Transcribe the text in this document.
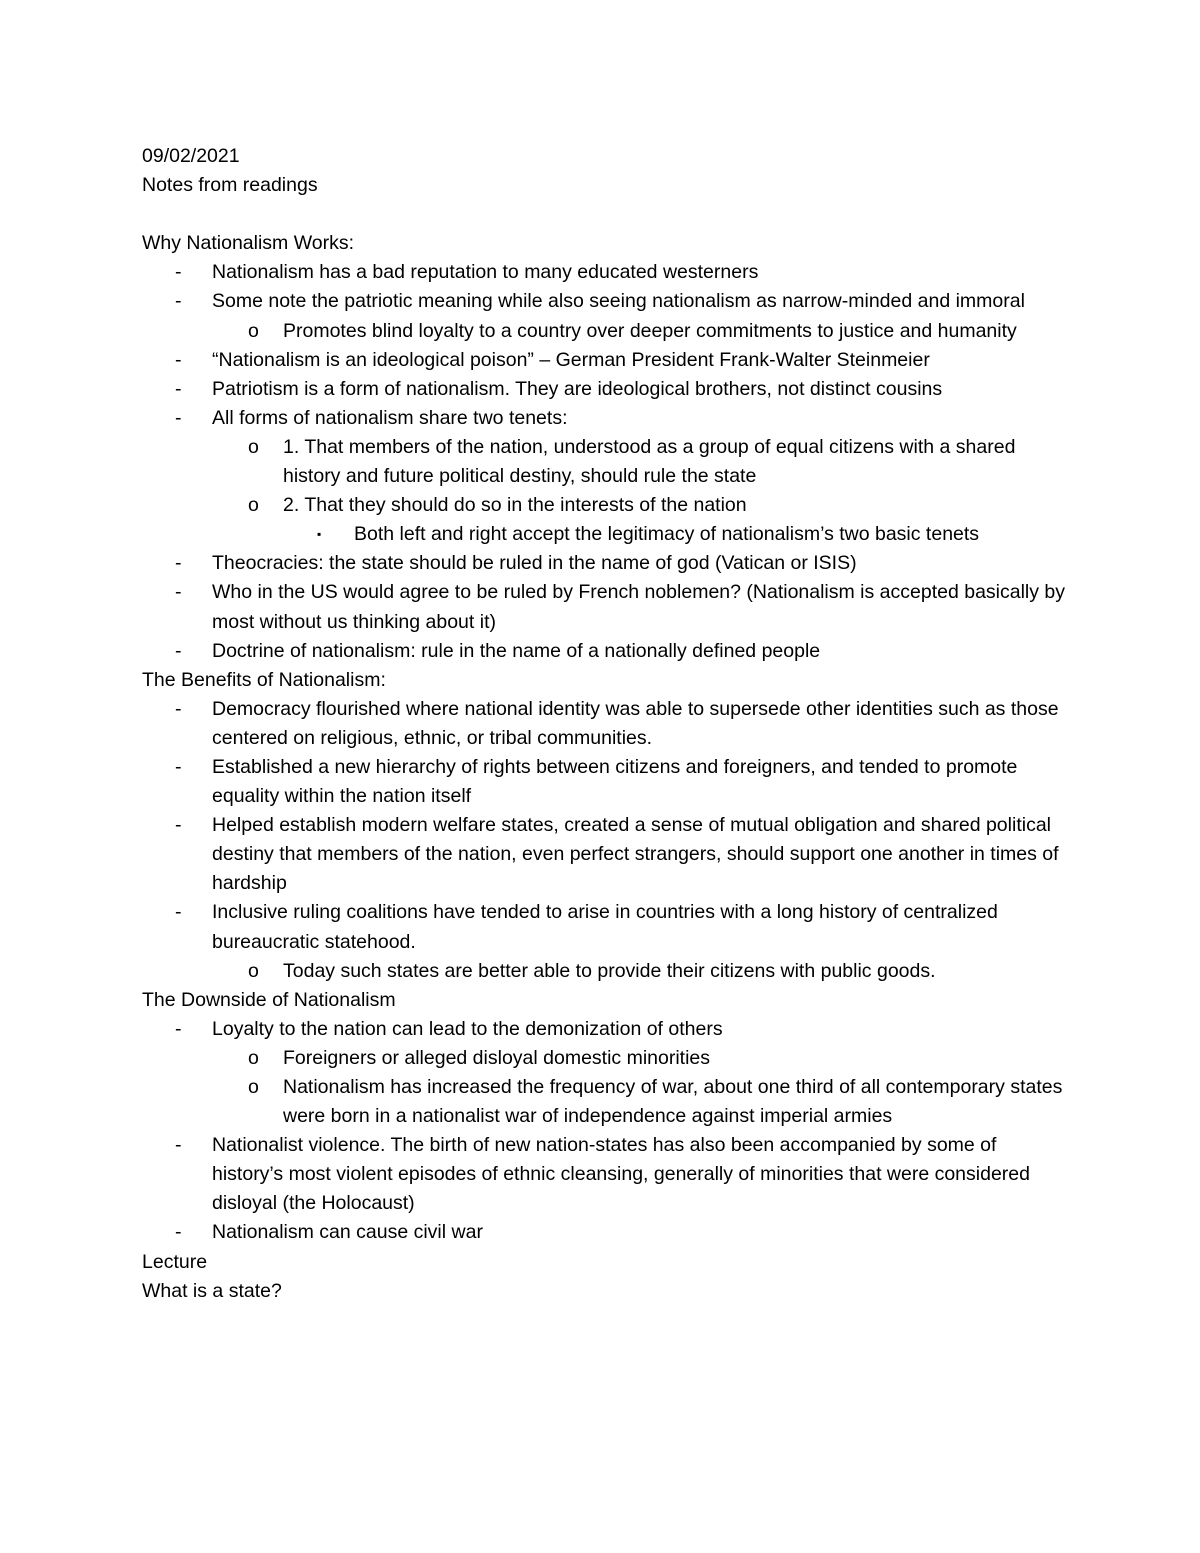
09/02/2021
Notes from readings
Why Nationalism Works:
- Nationalism has a bad reputation to many educated westerners
- Some note the patriotic meaning while also seeing nationalism as narrow-minded and immoral
o Promotes blind loyalty to a country over deeper commitments to justice and humanity
- “Nationalism is an ideological poison” – German President Frank-Walter Steinmeier
- Patriotism is a form of nationalism. They are ideological brothers, not distinct cousins
- All forms of nationalism share two tenets:
o 1. That members of the nation, understood as a group of equal citizens with a shared history and future political destiny, should rule the state
o 2. That they should do so in the interests of the nation
▪ Both left and right accept the legitimacy of nationalism’s two basic tenets
- Theocracies: the state should be ruled in the name of god (Vatican or ISIS)
- Who in the US would agree to be ruled by French noblemen? (Nationalism is accepted basically by most without us thinking about it)
- Doctrine of nationalism: rule in the name of a nationally defined people
The Benefits of Nationalism:
- Democracy flourished where national identity was able to supersede other identities such as those centered on religious, ethnic, or tribal communities.
- Established a new hierarchy of rights between citizens and foreigners, and tended to promote equality within the nation itself
- Helped establish modern welfare states, created a sense of mutual obligation and shared political destiny that members of the nation, even perfect strangers, should support one another in times of hardship
- Inclusive ruling coalitions have tended to arise in countries with a long history of centralized bureaucratic statehood.
o Today such states are better able to provide their citizens with public goods.
The Downside of Nationalism
- Loyalty to the nation can lead to the demonization of others
o Foreigners or alleged disloyal domestic minorities
o Nationalism has increased the frequency of war, about one third of all contemporary states were born in a nationalist war of independence against imperial armies
- Nationalist violence. The birth of new nation-states has also been accompanied by some of history’s most violent episodes of ethnic cleansing, generally of minorities that were considered disloyal (the Holocaust)
- Nationalism can cause civil war
Lecture
What is a state?
